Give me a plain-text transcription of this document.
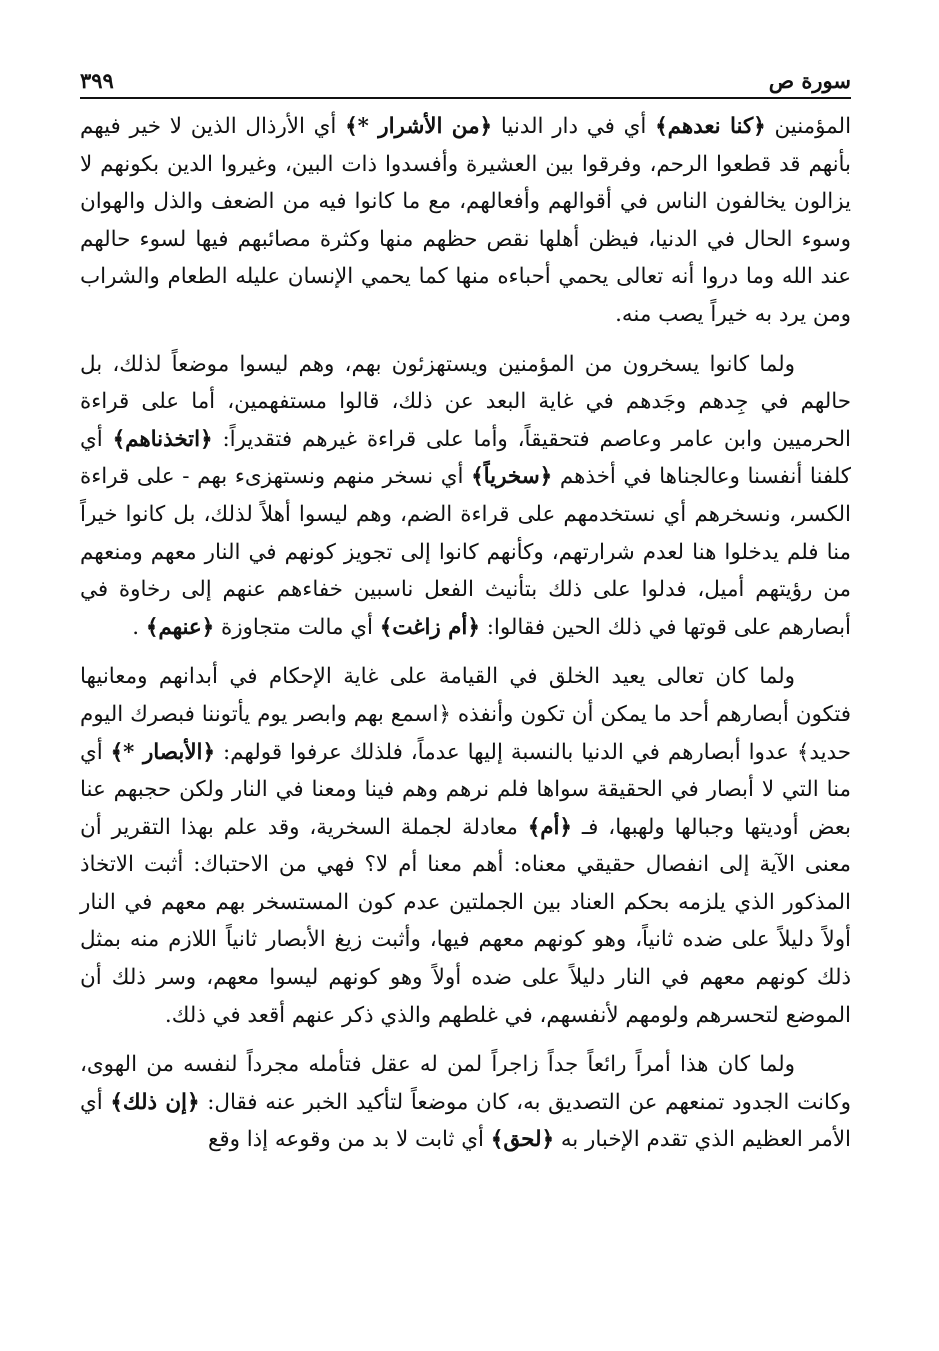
سورة ص
٣٩٩

المؤمنين ﴿كنا نعدهم﴾ أي في دار الدنيا ﴿من الأشرار *﴾ أي الأرذال الذين لا خير فيهم بأنهم قد قطعوا الرحم، وفرقوا بين العشيرة وأفسدوا ذات البين، وغيروا الدين بكونهم لا يزالون يخالفون الناس في أقوالهم وأفعالهم، مع ما كانوا فيه من الضعف والذل والهوان وسوء الحال في الدنيا، فيظن أهلها نقص حظهم منها وكثرة مصائبهم فيها لسوء حالهم عند الله وما دروا أنه تعالى يحمي أحباءه منها كما يحمي الإنسان عليله الطعام والشراب ومن يرد به خيراً يصب منه.

ولما كانوا يسخرون من المؤمنين ويستهزئون بهم، وهم ليسوا موضعاً لذلك، بل حالهم في جِدهم وجَدهم في غاية البعد عن ذلك، قالوا مستفهمين، أما على قراءة الحرميين وابن عامر وعاصم فتحقيقاً، وأما على قراءة غيرهم فتقديراً: ﴿اتخذناهم﴾ أي كلفنا أنفسنا وعالجناها في أخذهم ﴿سخرياً﴾ أي نسخر منهم ونستهزىء بهم - على قراءة الكسر، ونسخرهم أي نستخدمهم على قراءة الضم، وهم ليسوا أهلاً لذلك، بل كانوا خيراً منا فلم يدخلوا هنا لعدم شرارتهم، وكأنهم كانوا إلى تجويز كونهم في النار معهم ومنعهم من رؤيتهم أميل، فدلوا على ذلك بتأنيث الفعل ناسبين خفاءهم عنهم إلى رخاوة في أبصارهم على قوتها في ذلك الحين فقالوا: ﴿أم زاغت﴾ أي مالت متجاوزة ﴿عنهم﴾ .

ولما كان تعالى يعيد الخلق في القيامة على غاية الإحكام في أبدانهم ومعانيها فتكون أبصارهم أحد ما يمكن أن تكون وأنفذه ﴿اسمع بهم وابصر يوم يأتوننا فبصرك اليوم حديد﴾ عدوا أبصارهم في الدنيا بالنسبة إليها عدماً، فلذلك عرفوا قولهم: ﴿الأبصار *﴾ أي منا التي لا أبصار في الحقيقة سواها فلم نرهم وهم فينا ومعنا في النار ولكن حجبهم عنا بعض أوديتها وجبالها ولهبها، فـ ﴿أم﴾ معادلة لجملة السخرية، وقد علم بهذا التقرير أن معنى الآية إلى انفصال حقيقي معناه: أهم معنا أم لا؟ فهي من الاحتباك: أثبت الاتخاذ المذكور الذي يلزمه بحكم العناد بين الجملتين عدم كون المستسخر بهم معهم في النار أولاً دليلاً على ضده ثانياً، وهو كونهم معهم فيها، وأثبت زيغ الأبصار ثانياً اللازم منه بمثل ذلك كونهم معهم في النار دليلاً على ضده أولاً وهو كونهم ليسوا معهم، وسر ذلك أن الموضع لتحسرهم ولومهم لأنفسهم، في غلطهم والذي ذكر عنهم أقعد في ذلك.

ولما كان هذا أمراً رائعاً جداً زاجراً لمن له عقل فتأمله مجرداً لنفسه من الهوى، وكانت الجدود تمنعهم عن التصديق به، كان موضعاً لتأكيد الخبر عنه فقال: ﴿إن ذلك﴾ أي الأمر العظيم الذي تقدم الإخبار به ﴿لحق﴾ أي ثابت لا بد من وقوعه إذا وقع
